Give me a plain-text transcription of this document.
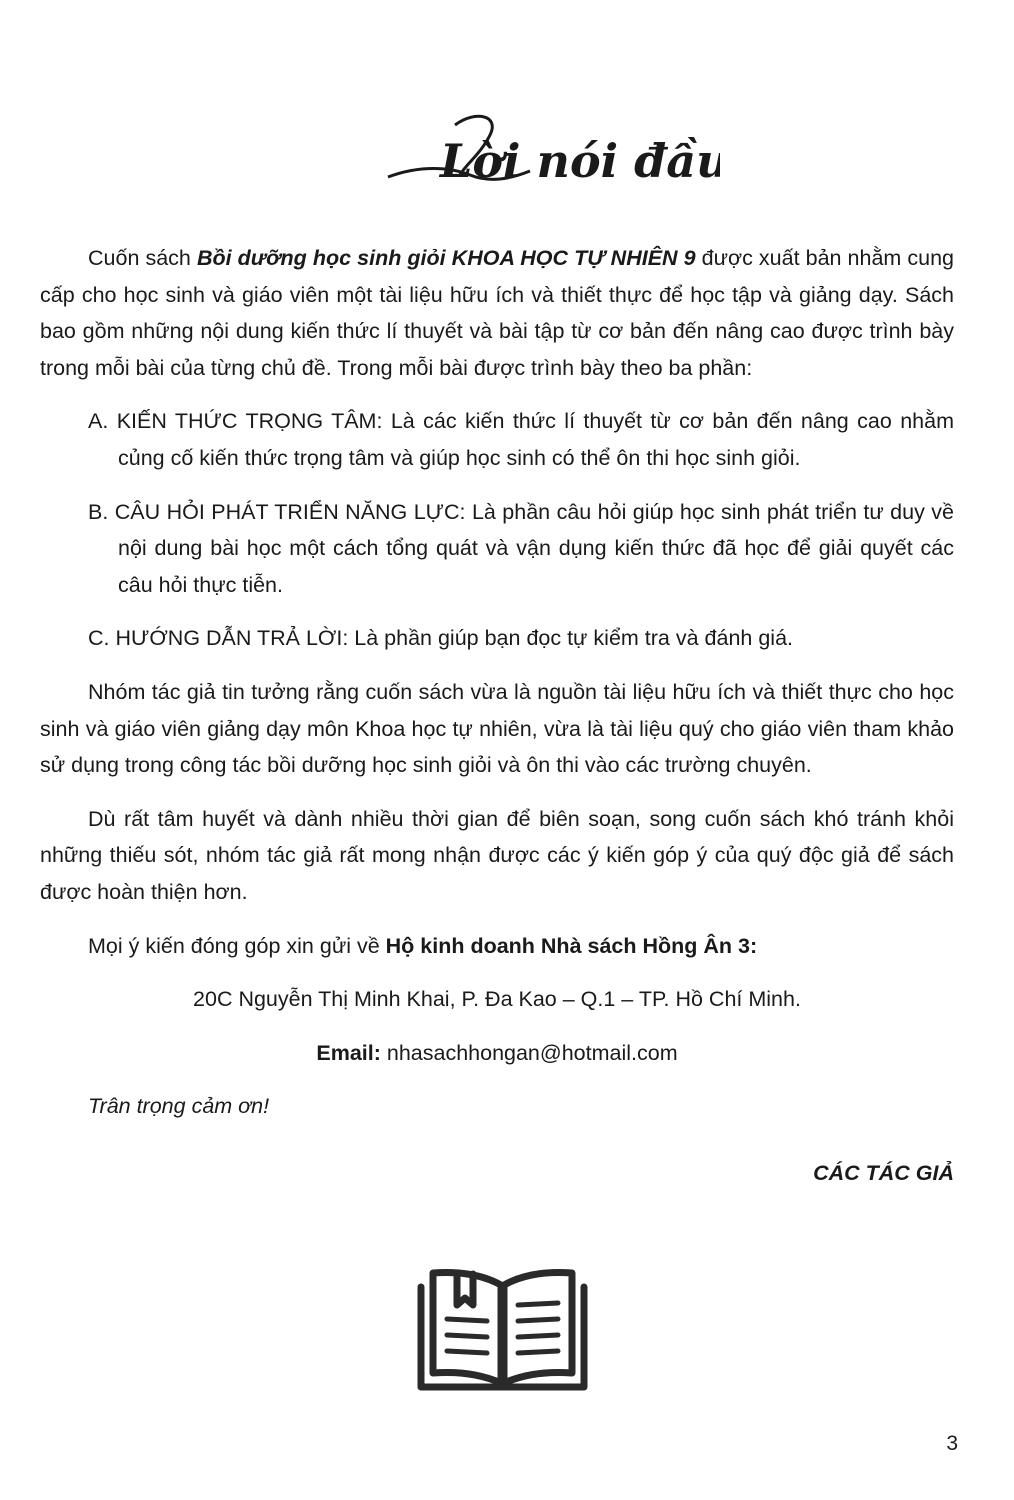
Lời nói đầu

Cuốn sách Bồi dưỡng học sinh giỏi KHOA HỌC TỰ NHIÊN 9 được xuất bản nhằm cung cấp cho học sinh và giáo viên một tài liệu hữu ích và thiết thực để học tập và giảng dạy. Sách bao gồm những nội dung kiến thức lí thuyết và bài tập từ cơ bản đến nâng cao được trình bày trong mỗi bài của từng chủ đề. Trong mỗi bài được trình bày theo ba phần:

A. KIẾN THỨC TRỌNG TÂM: Là các kiến thức lí thuyết từ cơ bản đến nâng cao nhằm củng cố kiến thức trọng tâm và giúp học sinh có thể ôn thi học sinh giỏi.
B. CÂU HỎI PHÁT TRIỂN NĂNG LỰC: Là phần câu hỏi giúp học sinh phát triển tư duy về nội dung bài học một cách tổng quát và vận dụng kiến thức đã học để giải quyết các câu hỏi thực tiễn.
C. HƯỚNG DẪN TRẢ LỜI: Là phần giúp bạn đọc tự kiểm tra và đánh giá.

Nhóm tác giả tin tưởng rằng cuốn sách vừa là nguồn tài liệu hữu ích và thiết thực cho học sinh và giáo viên giảng dạy môn Khoa học tự nhiên, vừa là tài liệu quý cho giáo viên tham khảo sử dụng trong công tác bồi dưỡng học sinh giỏi và ôn thi vào các trường chuyên.

Dù rất tâm huyết và dành nhiều thời gian để biên soạn, song cuốn sách khó tránh khỏi những thiếu sót, nhóm tác giả rất mong nhận được các ý kiến góp ý của quý độc giả để sách được hoàn thiện hơn.

Mọi ý kiến đóng góp xin gửi về Hộ kinh doanh Nhà sách Hồng Ân 3:

20C Nguyễn Thị Minh Khai, P. Đa Kao – Q.1 – TP. Hồ Chí Minh.
Email: nhasachhongan@hotmail.com
Trân trọng cảm ơn!
CÁC TÁC GIẢ
3
